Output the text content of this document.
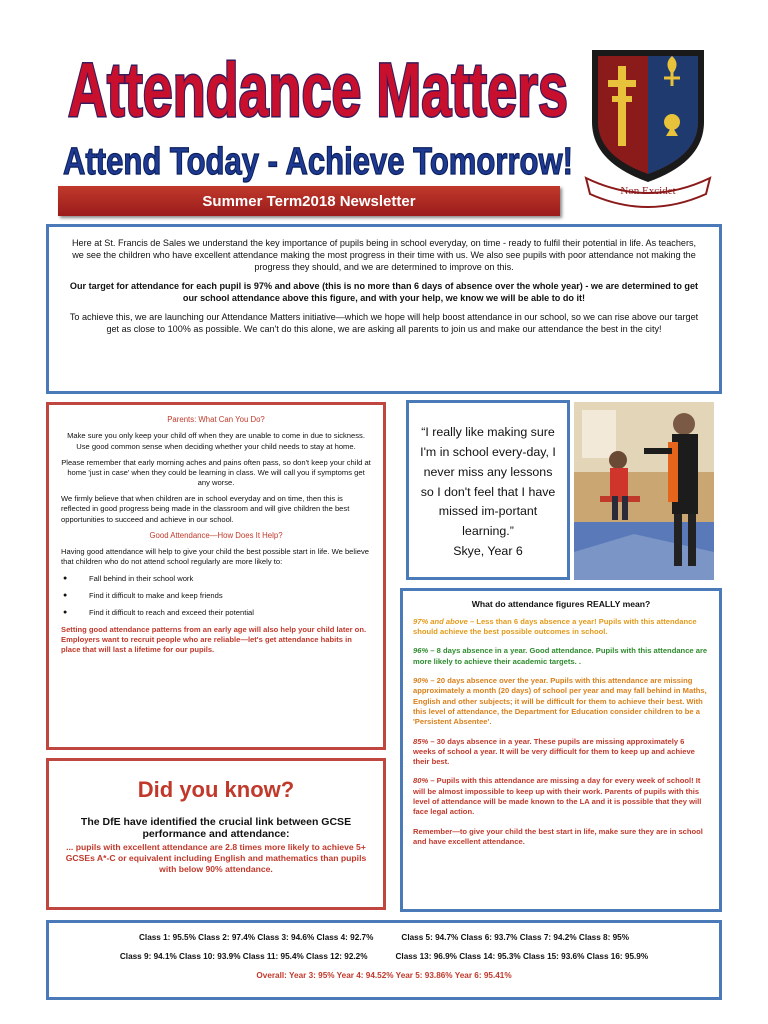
Attendance Matters
Attend Today - Achieve Tomorrow!
Non Excidet
Summer Term2018 Newsletter

Here at St. Francis de Sales we understand the key importance of pupils being in school everyday, on time - ready to fulfil their potential in life. As teachers, we see the children who have excellent attendance making the most progress in their time with us. We also see pupils with poor attendance not making the progress they should, and we are determined to improve on this.

Our target for attendance for each pupil is 97% and above (this is no more than 6 days of absence over the whole year) - we are determined to get our school attendance above this figure, and with your help, we know we will be able to do it!

To achieve this, we are launching our Attendance Matters initiative—which we hope will help boost attendance in our school, so we can rise above our target get as close to 100% as possible. We can't do this alone, we are asking all parents to join us and make our attendance the best in the city!

Parents: What Can You Do?

Make sure you only keep your child off when they are unable to come in due to sickness. Use good common sense when deciding whether your child needs to stay at home.

Please remember that early morning aches and pains often pass, so don't keep your child at home 'just in case' when they could be learning in class. We will call you if symptoms get any worse.

We firmly believe that when children are in school everyday and on time, then this is reflected in good progress being made in the classroom and will give children the best opportunities to succeed and achieve in our school.

Good Attendance—How Does It Help?

Having good attendance will help to give your child the best possible start in life. We believe that children who do not attend school regularly are more likely to:

● Fall behind in their school work
● Find it difficult to make and keep friends
● Find it difficult to reach and exceed their potential

Setting good attendance patterns from an early age will also help your child later on. Employers want to recruit people who are reliable—let's get attendance habits in place that will last a lifetime for our pupils.

“I really like making sure I'm in school every-day, I never miss any lessons so I don't feel that I have missed im-portant learning.”
Skye, Year 6
Did you know?

The DfE have identified the crucial link between GCSE performance and attendance:

... pupils with excellent attendance are 2.8 times more likely to achieve 5+ GCSEs A*-C or equivalent including English and mathematics than pupils with below 90% attendance.

What do attendance figures REALLY mean?

97% and above – Less than 6 days absence a year! Pupils with this attendance should achieve the best possible outcomes in school.

96% – 8 days absence in a year. Good attendance. Pupils with this attendance are more likely to achieve their academic targets. .

90% – 20 days absence over the year. Pupils with this attendance are missing approximately a month (20 days) of school per year and may fall behind in Maths, English and other subjects; it will be difficult for them to achieve their best. With this level of attendance, the Department for Education consider children to be a 'Persistent Absentee'.

85% – 30 days absence in a year. These pupils are missing approximately 6 weeks of school a year. It will be very difficult for them to keep up and achieve their best.

80% – Pupils with this attendance are missing a day for every week of school! It will be almost impossible to keep up with their work. Parents of pupils with this level of attendance will be made known to the LA and it is possible that they will face legal action.

Remember—to give your child the best start in life, make sure they are in school and have excellent attendance.

Class 1: 95.5% Class 2: 97.4% Class 3: 94.6% Class 4: 92.7%	Class 5: 94.7% Class 6: 93.7% Class 7: 94.2% Class 8: 95%
Class 9: 94.1% Class 10: 93.9% Class 11: 95.4% Class 12: 92.2%	Class 13: 96.9% Class 14: 95.3% Class 15: 93.6% Class 16: 95.9%
Overall: Year 3: 95% Year 4: 94.52% Year 5: 93.86% Year 6: 95.41%
